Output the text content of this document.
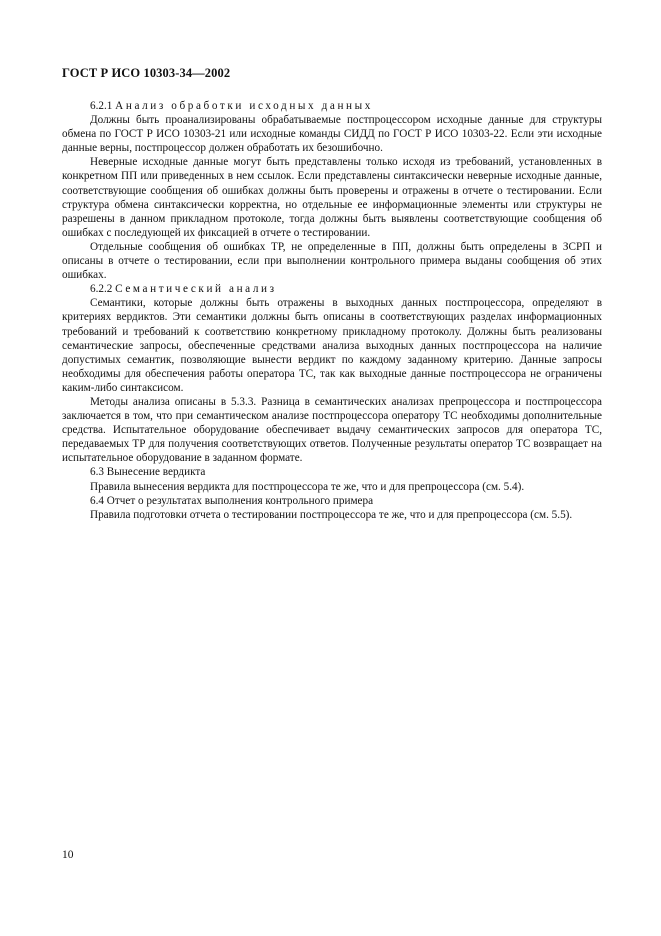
ГОСТ Р ИСО 10303-34—2002

6.2.1 Анализ обработки исходных данных

Должны быть проанализированы обрабатываемые постпроцессором исходные данные для структуры обмена по ГОСТ Р ИСО 10303-21 или исходные команды СИДД по ГОСТ Р ИСО 10303-22. Если эти исходные данные верны, постпроцессор должен обработать их безошибочно.

Неверные исходные данные могут быть представлены только исходя из требований, установленных в конкретном ПП или приведенных в нем ссылок. Если представлены синтаксически неверные исходные данные, соответствующие сообщения об ошибках должны быть проверены и отражены в отчете о тестировании. Если структура обмена синтаксически корректна, но отдельные ее информационные элементы или структуры не разрешены в данном прикладном протоколе, тогда должны быть выявлены соответствующие сообщения об ошибках с последующей их фиксацией в отчете о тестировании.

Отдельные сообщения об ошибках ТР, не определенные в ПП, должны быть определены в ЗСРП и описаны в отчете о тестировании, если при выполнении контрольного примера выданы сообщения об этих ошибках.

6.2.2 Семантический анализ

Семантики, которые должны быть отражены в выходных данных постпроцессора, определяют в критериях вердиктов. Эти семантики должны быть описаны в соответствующих разделах информационных требований и требований к соответствию конкретному прикладному протоколу. Должны быть реализованы семантические запросы, обеспеченные средствами анализа выходных данных постпроцессора на наличие допустимых семантик, позволяющие вынести вердикт по каждому заданному критерию. Данные запросы необходимы для обеспечения работы оператора ТС, так как выходные данные постпроцессора не ограничены каким-либо синтаксисом.

Методы анализа описаны в 5.3.3. Разница в семантических анализах препроцессора и постпроцессора заключается в том, что при семантическом анализе постпроцессора оператору ТС необходимы дополнительные средства. Испытательное оборудование обеспечивает выдачу семантических запросов для оператора ТС, передаваемых ТР для получения соответствующих ответов. Полученные результаты оператор ТС возвращает на испытательное оборудование в заданном формате.

6.3 Вынесение вердикта

Правила вынесения вердикта для постпроцессора те же, что и для препроцессора (см. 5.4).

6.4 Отчет о результатах выполнения контрольного примера

Правила подготовки отчета о тестировании постпроцессора те же, что и для препроцессора (см. 5.5).

10
